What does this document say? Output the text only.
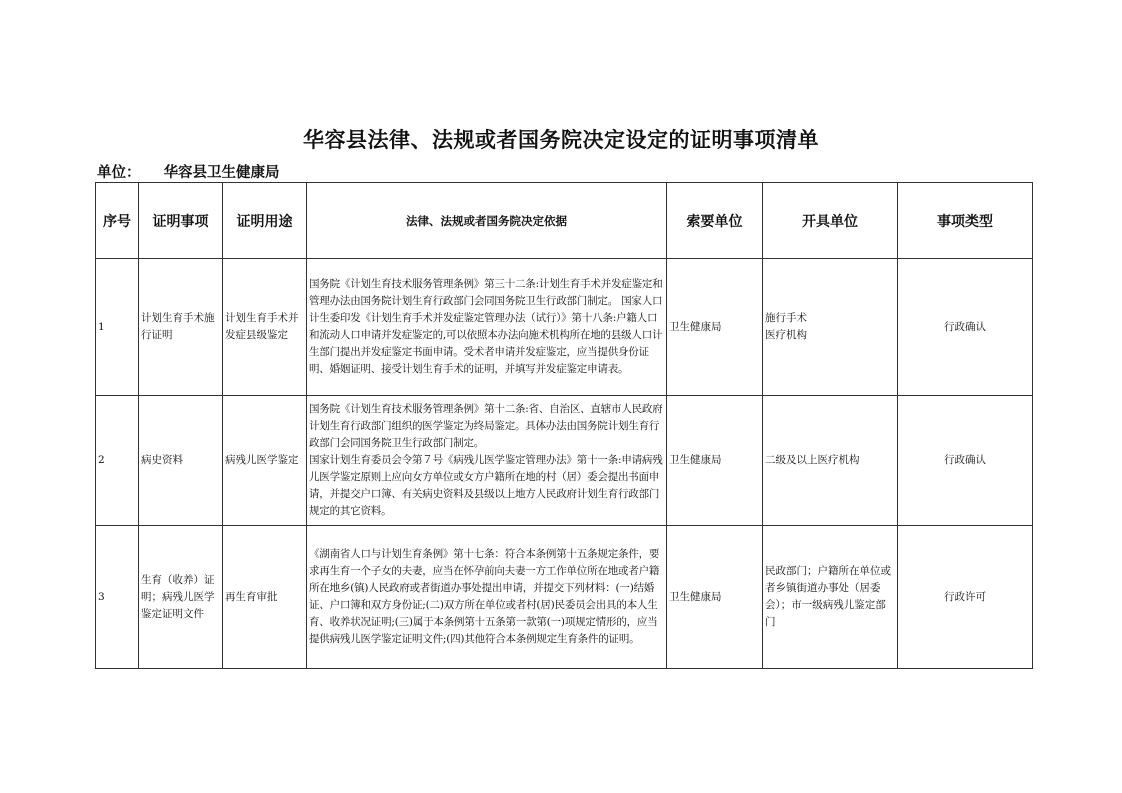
华容县法律、法规或者国务院决定设定的证明事项清单
单位： 华容县卫生健康局
序号	证明事项	证明用途	法律、法规或者国务院决定依据	索要单位	开具单位	事项类型
1	计划生育手术施行证明	计划生育手术并发症县级鉴定	国务院《计划生育技术服务管理条例》第三十二条:计划生育手术并发症鉴定和管理办法由国务院计划生育行政部门会同国务院卫生行政部门制定。 国家人口计生委印发《计划生育手术并发症鉴定管理办法（试行）》第十八条:户籍人口和流动人口申请并发症鉴定的,可以依照本办法向施术机构所在地的县级人口计生部门提出并发症鉴定书面申请。受术者申请并发症鉴定，应当提供身份证明、婚姻证明、接受计划生育手术的证明，并填写并发症鉴定申请表。	卫生健康局	施行手术
医疗机构	行政确认
2	病史资料	病残儿医学鉴定	国务院《计划生育技术服务管理条例》第十二条:省、自治区、直辖市人民政府计划生育行政部门组织的医学鉴定为终局鉴定。具体办法由国务院计划生育行政部门会同国务院卫生行政部门制定。
国家计划生育委员会令第７号《病残儿医学鉴定管理办法》第十一条:申请病残儿医学鉴定原则上应向女方单位或女方户籍所在地的村（居）委会提出书面申请，并提交户口簿、有关病史资料及县级以上地方人民政府计划生育行政部门规定的其它资料。	卫生健康局	二级及以上医疗机构	行政确认
3	生育（收养）证明；病残儿医学鉴定证明文件	再生育审批	《湖南省人口与计划生育条例》第十七条：符合本条例第十五条规定条件，要求再生育一个子女的夫妻，应当在怀孕前向夫妻一方工作单位所在地或者户籍所在地乡(镇)人民政府或者街道办事处提出申请，并提交下列材料：(一)结婚证、户口簿和双方身份证;(二)双方所在单位或者村(居)民委员会出具的本人生育、收养状况证明;(三)属于本条例第十五条第一款第(一)项规定情形的，应当提供病残儿医学鉴定证明文件;(四)其他符合本条例规定生育条件的证明。	卫生健康局	民政部门；户籍所在单位或者乡镇街道办事处（居委会）；市一级病残儿鉴定部门	行政许可
